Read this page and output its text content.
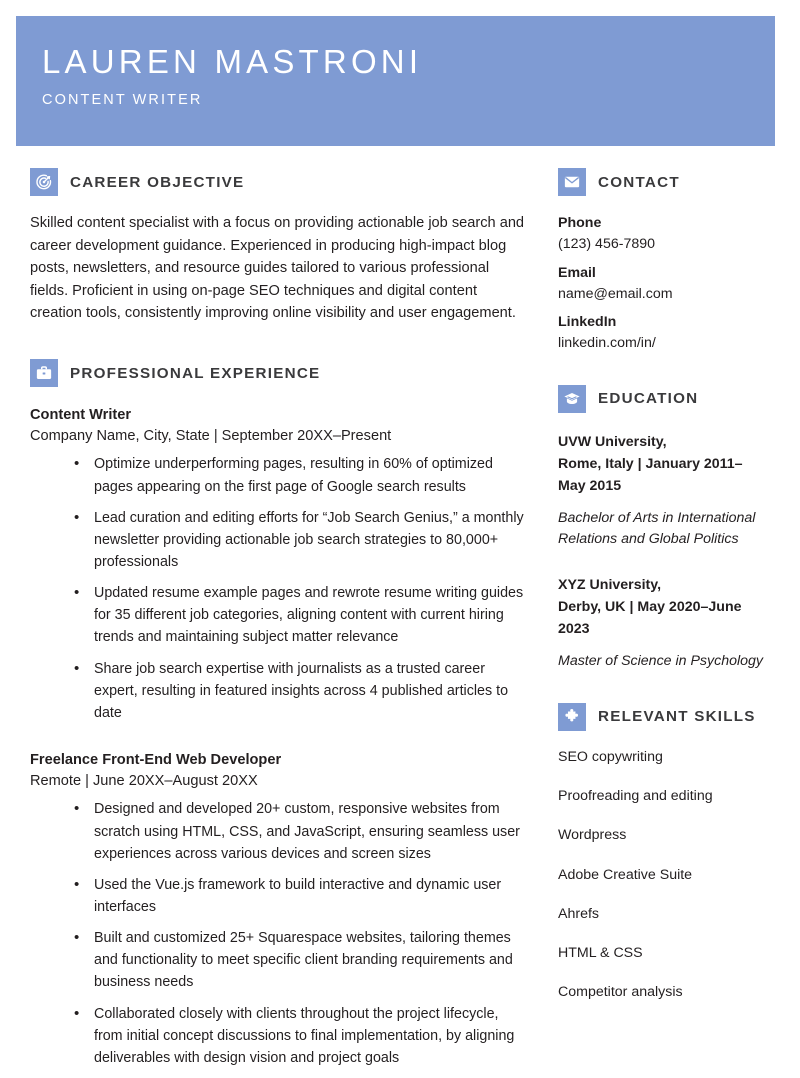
LAUREN MASTRONI
CONTENT WRITER
CAREER OBJECTIVE
Skilled content specialist with a focus on providing actionable job search and career development guidance. Experienced in producing high-impact blog posts, newsletters, and resource guides tailored to various professional fields. Proficient in using on-page SEO techniques and digital content creation tools, consistently improving online visibility and user engagement.
PROFESSIONAL EXPERIENCE
Content Writer
Company Name, City, State | September 20XX–Present
• Optimize underperforming pages, resulting in 60% of optimized pages appearing on the first page of Google search results
• Lead curation and editing efforts for “Job Search Genius,” a monthly newsletter providing actionable job search strategies to 80,000+ professionals
• Updated resume example pages and rewrote resume writing guides for 35 different job categories, aligning content with current hiring trends and maintaining subject matter relevance
• Share job search expertise with journalists as a trusted career expert, resulting in featured insights across 4 published articles to date
Freelance Front-End Web Developer
Remote | June 20XX–August 20XX
• Designed and developed 20+ custom, responsive websites from scratch using HTML, CSS, and JavaScript, ensuring seamless user experiences across various devices and screen sizes
• Used the Vue.js framework to build interactive and dynamic user interfaces
• Built and customized 25+ Squarespace websites, tailoring themes and functionality to meet specific client branding requirements and business needs
• Collaborated closely with clients throughout the project lifecycle, from initial concept discussions to final implementation, by aligning deliverables with design vision and project goals
CONTACT
Phone
(123) 456-7890
Email
name@email.com
LinkedIn
linkedin.com/in/
EDUCATION
UVW University,
Rome, Italy | January 2011–
May 2015
Bachelor of Arts in International Relations and Global Politics
XYZ University,
Derby, UK | May 2020–June
2023
Master of Science in Psychology
RELEVANT SKILLS
SEO copywriting
Proofreading and editing
Wordpress
Adobe Creative Suite
Ahrefs
HTML & CSS
Competitor analysis
